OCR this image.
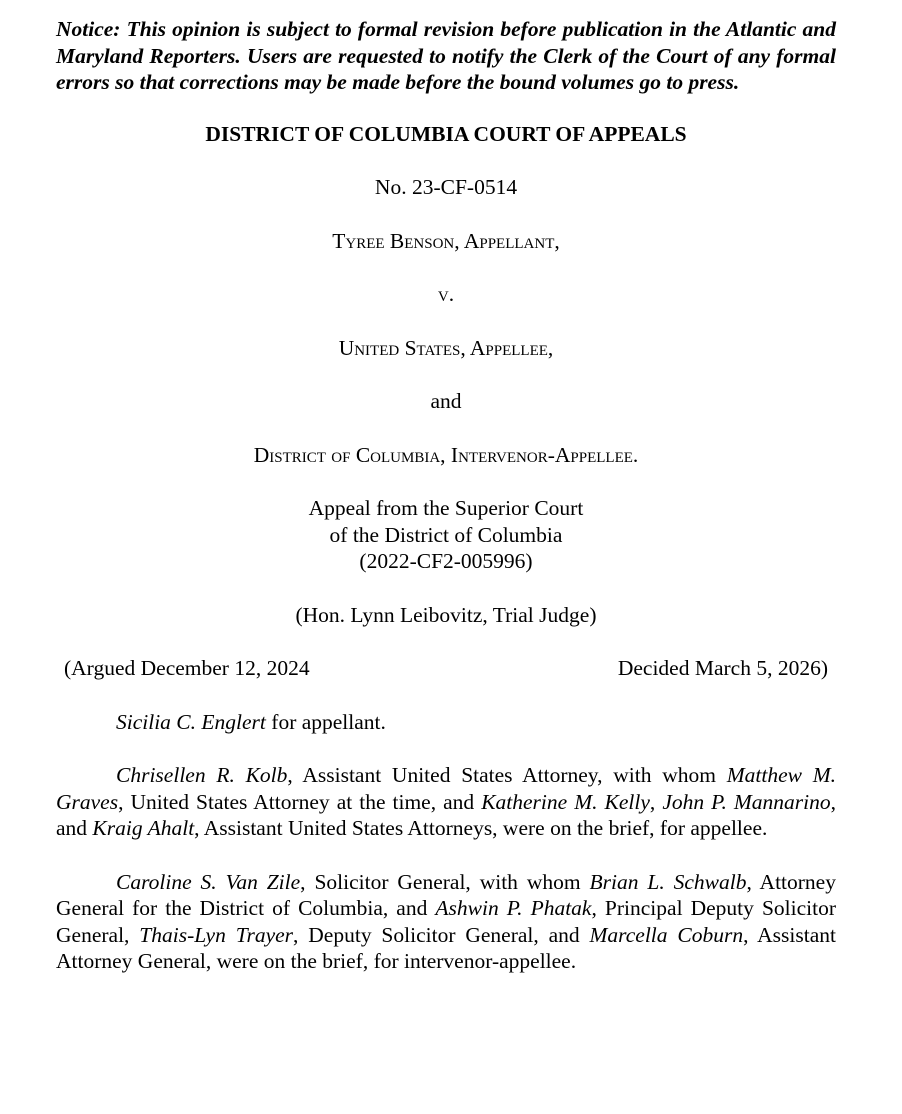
Notice: This opinion is subject to formal revision before publication in the Atlantic and Maryland Reporters. Users are requested to notify the Clerk of the Court of any formal errors so that corrections may be made before the bound volumes go to press.

DISTRICT OF COLUMBIA COURT OF APPEALS
No. 23-CF-0514
Tyree Benson, Appellant,
v.
United States, Appellee,
and
District of Columbia, Intervenor-Appellee.
Appeal from the Superior Court
of the District of Columbia
(2022-CF2-005996)
(Hon. Lynn Leibovitz, Trial Judge)
(Argued December 12, 2024	Decided March 5, 2026)

Sicilia C. Englert for appellant.

Chrisellen R. Kolb, Assistant United States Attorney, with whom Matthew M. Graves, United States Attorney at the time, and Katherine M. Kelly, John P. Mannarino, and Kraig Ahalt, Assistant United States Attorneys, were on the brief, for appellee.

Caroline S. Van Zile, Solicitor General, with whom Brian L. Schwalb, Attorney General for the District of Columbia, and Ashwin P. Phatak, Principal Deputy Solicitor General, Thais-Lyn Trayer, Deputy Solicitor General, and Marcella Coburn, Assistant Attorney General, were on the brief, for intervenor-appellee.
